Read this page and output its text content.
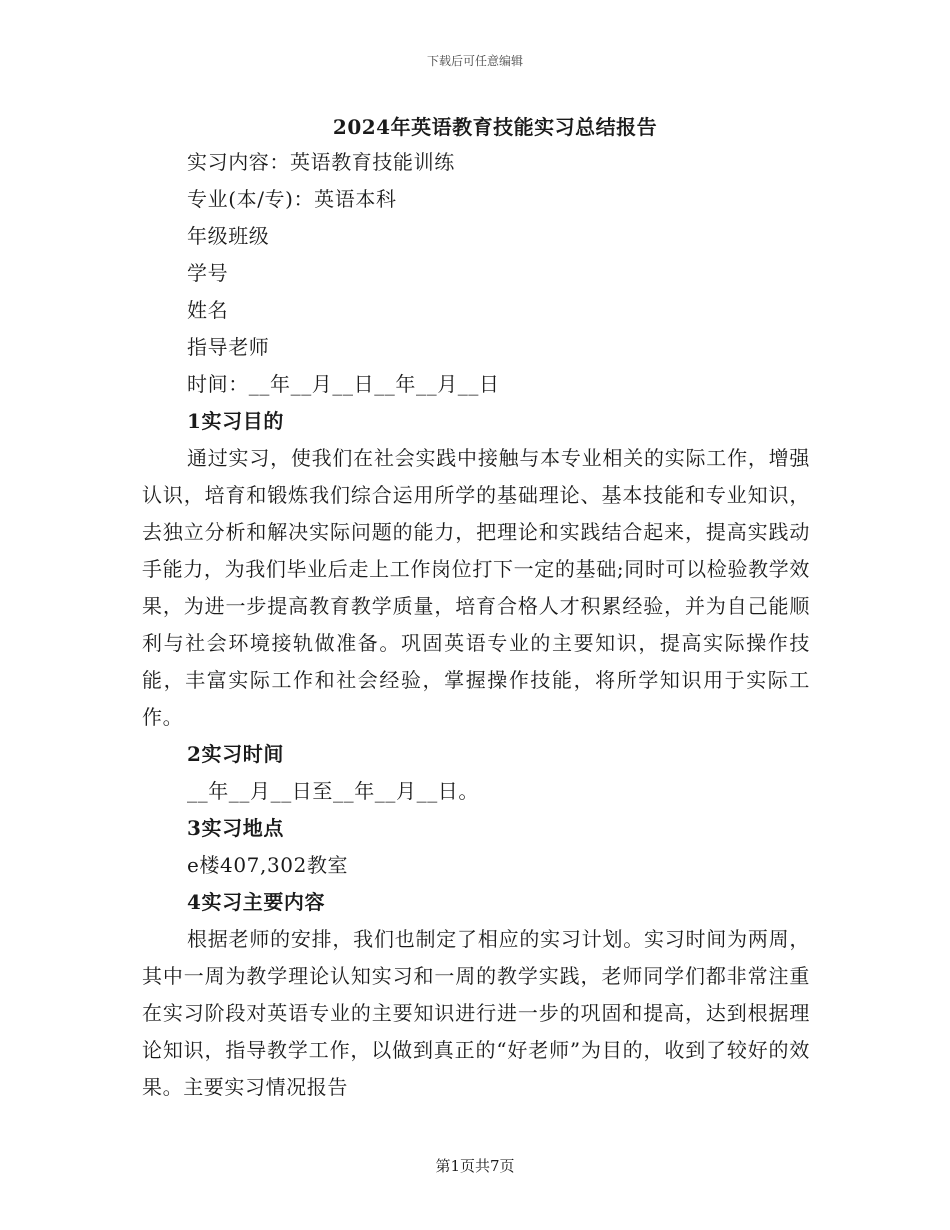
下载后可任意编辑
2024年英语教育技能实习总结报告
实习内容：英语教育技能训练
专业(本/专)：英语本科
年级班级
学号
姓名
指导老师
时间：__年__月__日__年__月__日
1实习目的

通过实习，使我们在社会实践中接触与本专业相关的实际工作，增强认识，培育和锻炼我们综合运用所学的基础理论、基本技能和专业知识，去独立分析和解决实际问题的能力，把理论和实践结合起来，提高实践动手能力，为我们毕业后走上工作岗位打下一定的基础;同时可以检验教学效果，为进一步提高教育教学质量，培育合格人才积累经验，并为自己能顺利与社会环境接轨做准备。巩固英语专业的主要知识，提高实际操作技能，丰富实际工作和社会经验，掌握操作技能，将所学知识用于实际工作。

2实习时间
__年__月__日至__年__月__日。
3实习地点
e楼407,302教室
4实习主要内容

根据老师的安排，我们也制定了相应的实习计划。实习时间为两周，其中一周为教学理论认知实习和一周的教学实践，老师同学们都非常注重在实习阶段对英语专业的主要知识进行进一步的巩固和提高，达到根据理论知识，指导教学工作，以做到真正的“好老师”为目的，收到了较好的效果。主要实习情况报告

第1页共7页
